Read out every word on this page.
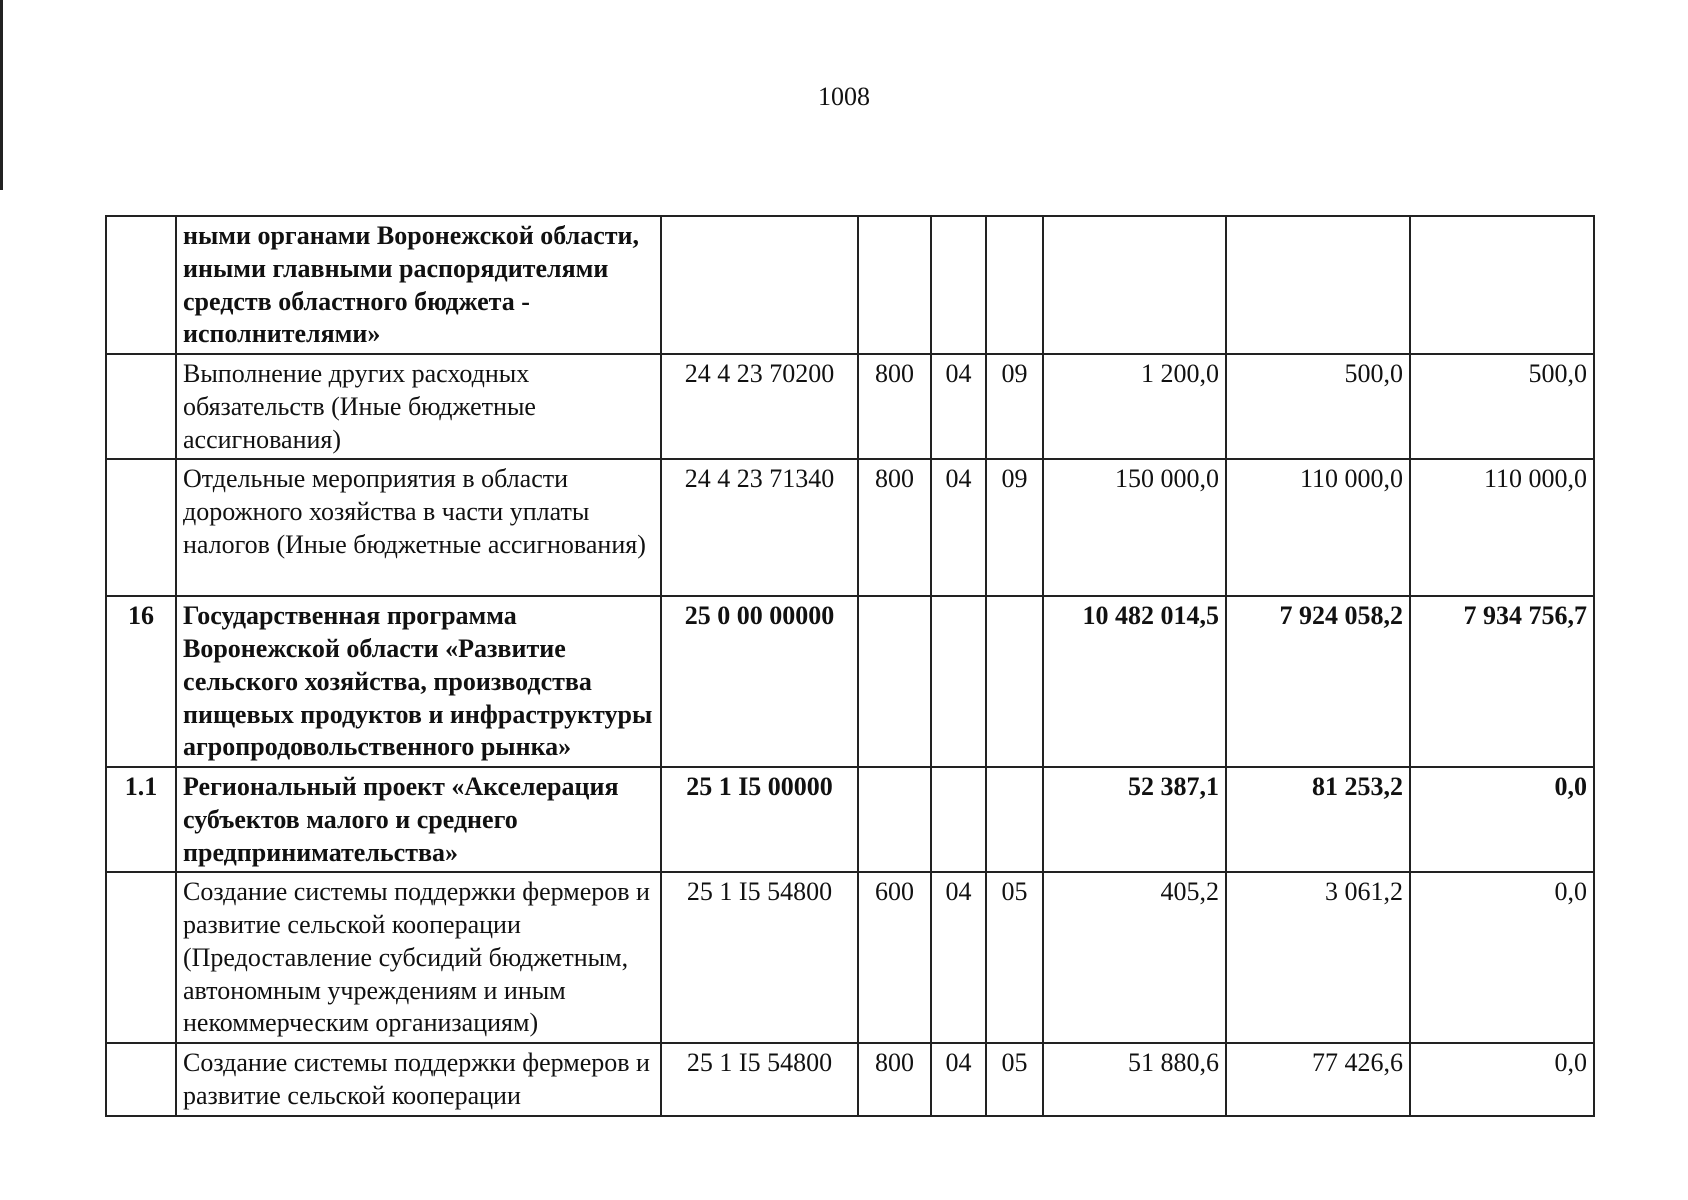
1008
	ными органами Воронежской области, иными главными распорядителями средств областного бюджета - исполнителями»							
	Выполнение других расходных обязательств (Иные бюджетные ассигнования)	24 4 23 70200	800	04	09	1 200,0	500,0	500,0
	Отдельные мероприятия в области дорожного хозяйства в части уплаты налогов (Иные бюджетные ассигнования)	24 4 23 71340	800	04	09	150 000,0	110 000,0	110 000,0
16	Государственная программа Воронежской области «Развитие сельского хозяйства, производства пищевых продуктов и инфраструктуры агропродовольственного рынка»	25 0 00 00000				10 482 014,5	7 924 058,2	7 934 756,7
1.1	Региональный проект «Акселерация субъектов малого и среднего предпринимательства»	25 1 I5 00000				52 387,1	81 253,2	0,0
	Создание системы поддержки фермеров и развитие сельской кооперации (Предоставление субсидий бюджетным, автономным учреждениям и иным некоммерческим организациям)	25 1 I5 54800	600	04	05	405,2	3 061,2	0,0
	Создание системы поддержки фермеров и развитие сельской кооперации	25 1 I5 54800	800	04	05	51 880,6	77 426,6	0,0
